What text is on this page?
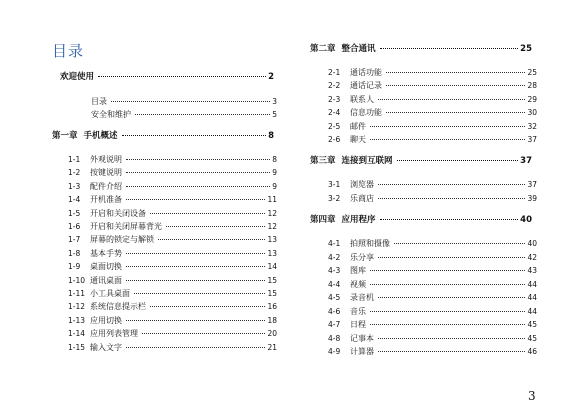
目录
欢迎使用	2
目录	3
安全和维护	5
第一章 手机概述	8
1-1	外观说明	8
1-2	按键说明	9
1-3	配件介绍	9
1-4	开机准备	11
1-5	开启和关闭设备	12
1-6	开启和关闭屏幕背光	12
1-7	屏幕的锁定与解锁	13
1-8	基本手势	13
1-9	桌面切换	14
1-10 通讯桌面	15
1-11 小工具桌面	15
1-12 系统信息提示栏	16
1-13 应用切换	18
1-14 应用列表管理	20
1-15 输入文字	21
第二章 整合通讯	25
2-1	通话功能	25
2-2	通话记录	28
2-3	联系人	29
2-4	信息功能	30
2-5	邮件	32
2-6	聊天	37
第三章 连接到互联网	37
3-1	浏览器	37
3-2	乐商店	39
第四章 应用程序	40
4-1	拍照和摄像	40
4-2	乐分享	42
4-3	图库	43
4-4	视频	44
4-5	录音机	44
4-6	音乐	44
4-7	日程	45
4-8	记事本	45
4-9	计算器	46
3
